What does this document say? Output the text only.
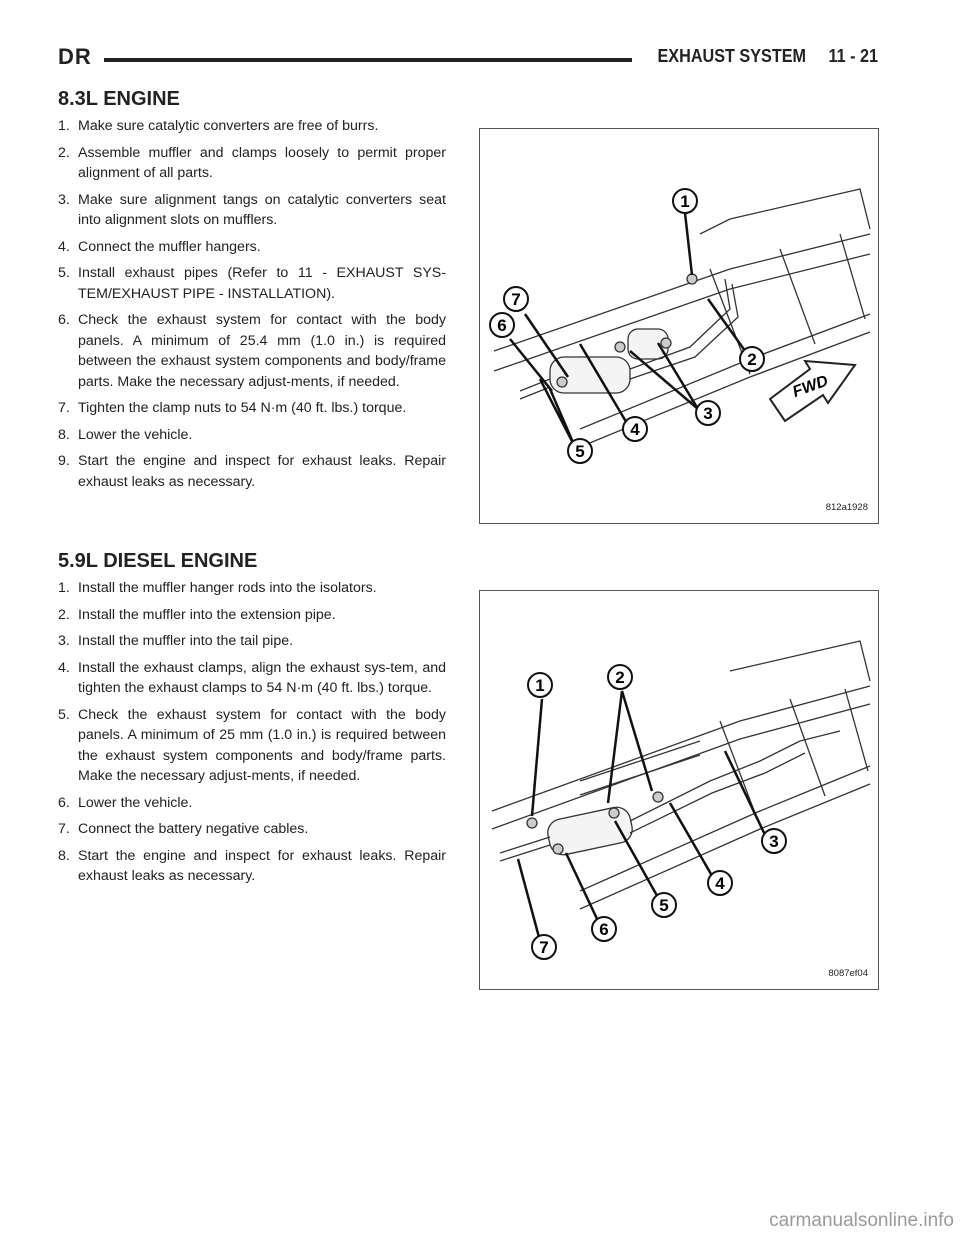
DR	EXHAUST SYSTEM 11 - 21
8.3L ENGINE
1. Make sure catalytic converters are free of burrs.
2. Assemble muffler and clamps loosely to permit proper alignment of all parts.
3. Make sure alignment tangs on catalytic converters seat into alignment slots on mufflers.
4. Connect the muffler hangers.
5. Install exhaust pipes (Refer to 11 - EXHAUST SYS-TEM/EXHAUST PIPE - INSTALLATION).
6. Check the exhaust system for contact with the body panels. A minimum of 25.4 mm (1.0 in.) is required between the exhaust system components and body/frame parts. Make the necessary adjust-ments, if needed.
7. Tighten the clamp nuts to 54 N·m (40 ft. lbs.) torque.
8. Lower the vehicle.
9. Start the engine and inspect for exhaust leaks. Repair exhaust leaks as necessary.
1
2
3
4
5
6
7
FWD
812a1928
5.9L DIESEL ENGINE
1. Install the muffler hanger rods into the isolators.
2. Install the muffler into the extension pipe.
3. Install the muffler into the tail pipe.
4. Install the exhaust clamps, align the exhaust sys-tem, and tighten the exhaust clamps to 54 N·m (40 ft. lbs.) torque.
5. Check the exhaust system for contact with the body panels. A minimum of 25 mm (1.0 in.) is required between the exhaust system components and body/frame parts. Make the necessary adjust-ments, if needed.
6. Lower the vehicle.
7. Connect the battery negative cables.
8. Start the engine and inspect for exhaust leaks. Repair exhaust leaks as necessary.
1	2
3
4
5
6
7
8087ef04
carmanualsonline.info
